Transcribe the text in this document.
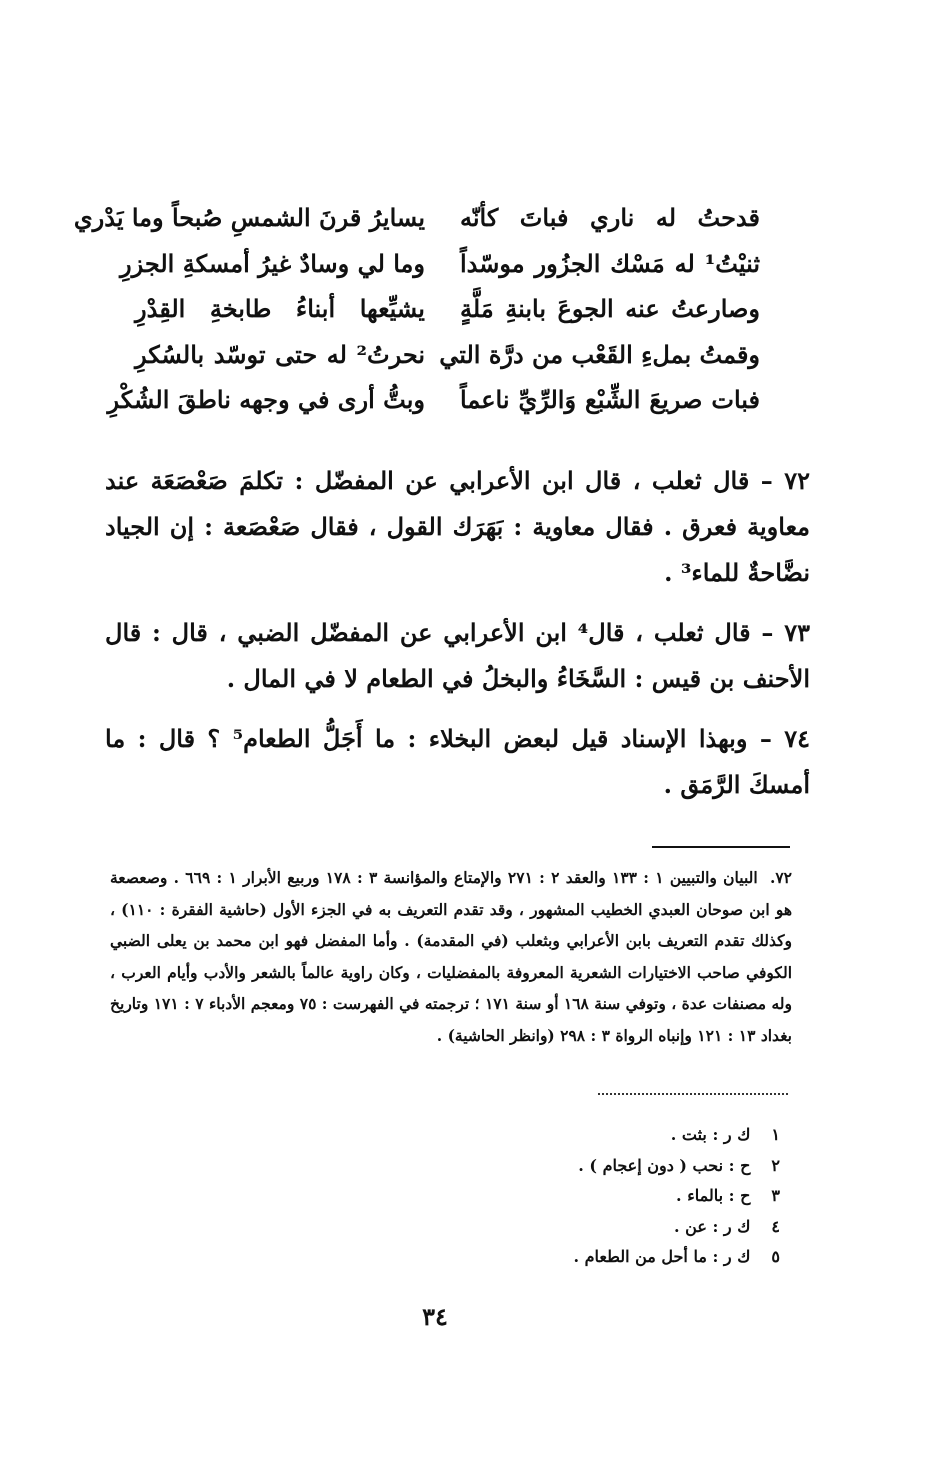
قدحتُ له ناري فباتَ كأنّه
يسايرُ قرنَ الشمسِ صُبحاً وما يَدْري
ثنيْتُ¹ له مَسْك الجزُور موسّداً
وما لي وسادٌ غيرُ أمسكةِ الجزرِ
وصارعتُ عنه الجوعَ بابنةِ مَلَّةٍ
يشيِّعها أبناءُ طابخةِ القِدْرِ
وقمتُ بملءِ القَعْب من درَّة التي
نحرتُ² له حتى توسّد بالسُكرِ
فبات صريعَ الشِّبْع وَالرِّيِّ ناعماً
وبتُّ أرى في وجهه ناطقَ الشُكْرِ
٧٢ – قال ثعلب ، قال ابن الأعرابي عن المفضّل : تكلمَ صَعْصَعَة عند معاوية فعرق . فقال معاوية : بَهَرَك القول ، فقال صَعْصَعة : إن الجياد نضَّاحةٌ للماء³ .
٧٣ – قال ثعلب ، قال⁴ ابن الأعرابي عن المفضّل الضبي ، قال : قال الأحنف بن قيس : السَّخَاءُ والبخلُ في الطعام لا في المال .
٧٤ – وبهذا الإسناد قيل لبعض البخلاء : ما أَجَلُّ الطعام⁵ ؟ قال : ما أمسكَ الرَّمَق .
٧٢. البيان والتبيين ١ : ١٣٣ والعقد ٢ : ٢٧١ والإمتاع والمؤانسة ٣ : ١٧٨ وربيع الأبرار ١ : ٦٦٩ . وصعصعة هو ابن صوحان العبدي الخطيب المشهور ، وقد تقدم التعريف به في الجزء الأول (حاشية الفقرة : ١١٠) ، وكذلك تقدم التعريف بابن الأعرابي وبثعلب (في المقدمة) . وأما المفضل فهو ابن محمد بن يعلى الضبي الكوفي صاحب الاختيارات الشعرية المعروفة بالمفضليات ، وكان راوية عالماً بالشعر والأدب وأيام العرب ، وله مصنفات عدة ، وتوفي سنة ١٦٨ أو سنة ١٧١ ؛ ترجمته في الفهرست : ٧٥ ومعجم الأدباء ٧ : ١٧١ وتاريخ بغداد ١٣ : ١٢١ وإنباه الرواة ٣ : ٢٩٨ (وانظر الحاشية) .
١ ك ر : بثت .
٢ ح : نحب ( دون إعجام ) .
٣ ح : بالماء .
٤ ك ر : عن .
٥ ك ر : ما أحل من الطعام .
٣٤
